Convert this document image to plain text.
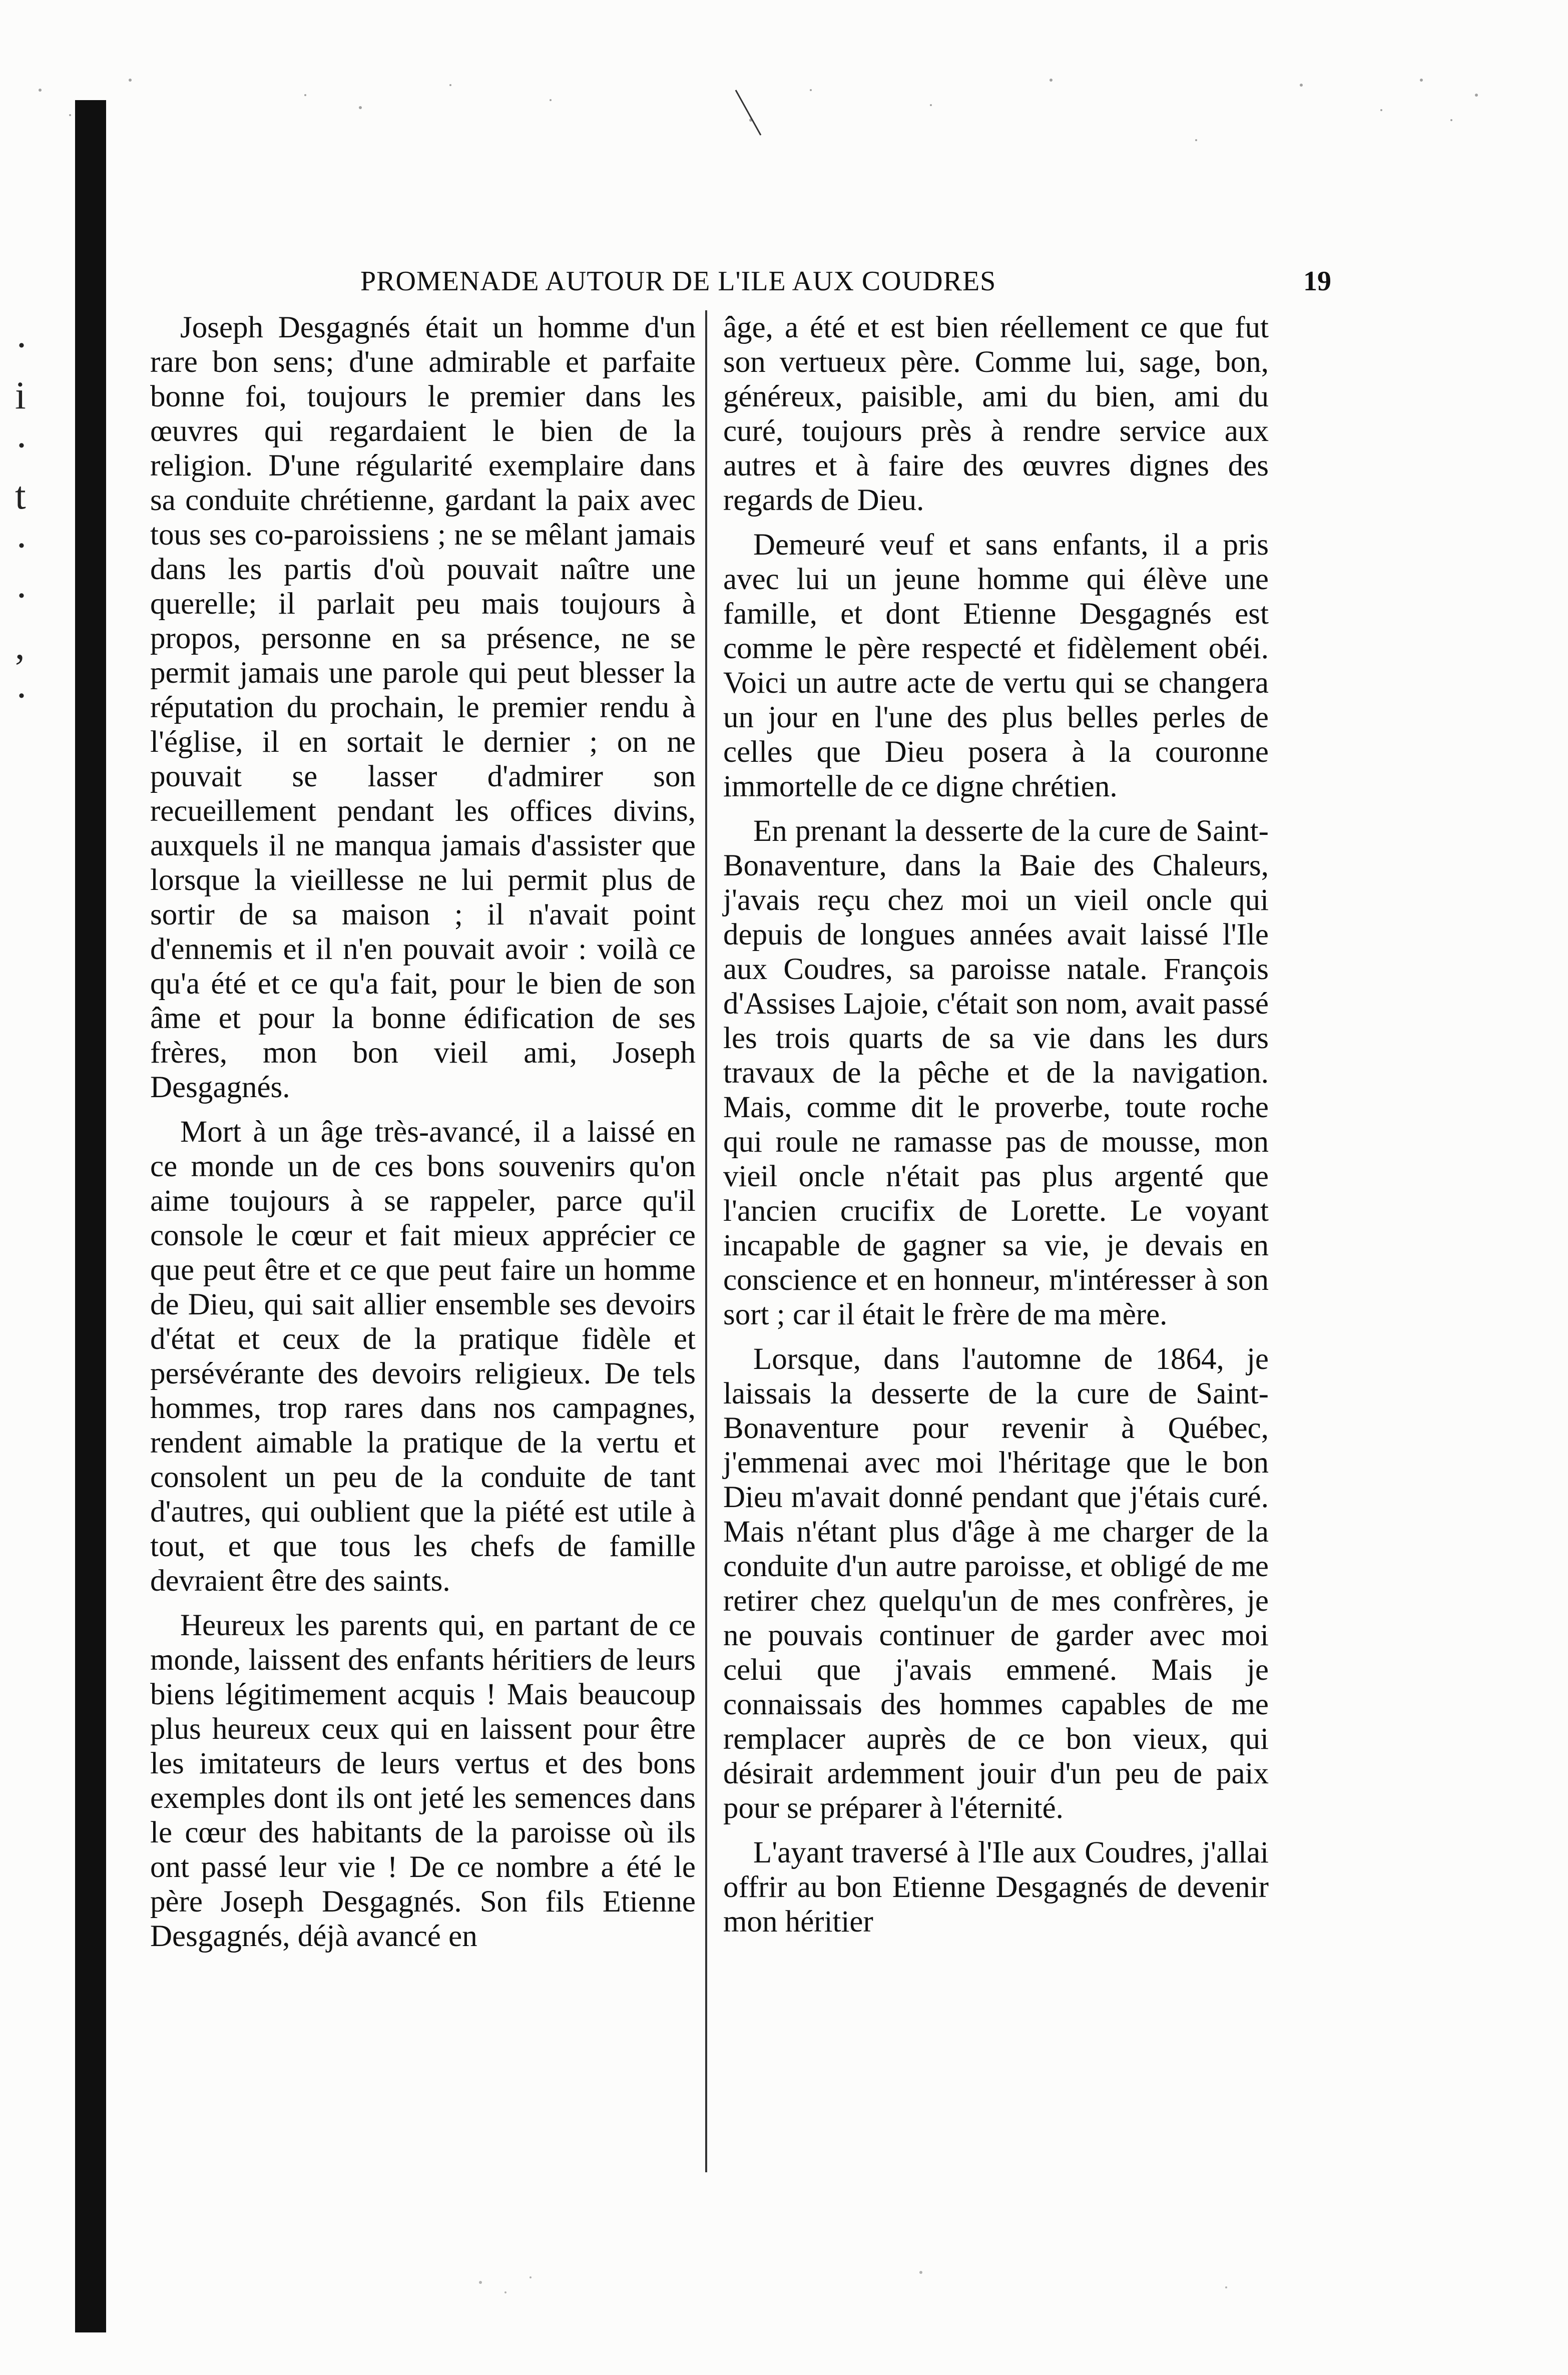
·
i
·
t
·
·
,
·
PROMENADE AUTOUR DE L'ILE AUX COUDRES	19

Joseph Desgagnés était un homme d'un rare bon sens; d'une admirable et parfaite bonne foi, toujours le premier dans les œuvres qui regardaient le bien de la religion. D'une régularité exemplaire dans sa conduite chrétienne, gardant la paix avec tous ses co-paroissiens ; ne se mêlant jamais dans les partis d'où pouvait naître une querelle; il parlait peu mais toujours à propos, personne en sa présence, ne se permit jamais une parole qui peut blesser la réputation du prochain, le premier rendu à l'église, il en sortait le dernier ; on ne pouvait se lasser d'admirer son recueillement pendant les offices divins, auxquels il ne manqua jamais d'assister que lorsque la vieillesse ne lui permit plus de sortir de sa maison ; il n'avait point d'ennemis et il n'en pouvait avoir : voilà ce qu'a été et ce qu'a fait, pour le bien de son âme et pour la bonne édification de ses frères, mon bon vieil ami, Joseph Desgagnés.

Mort à un âge très-avancé, il a laissé en ce monde un de ces bons souvenirs qu'on aime toujours à se rappeler, parce qu'il console le cœur et fait mieux apprécier ce que peut être et ce que peut faire un homme de Dieu, qui sait allier ensemble ses devoirs d'état et ceux de la pratique fidèle et persévérante des devoirs religieux. De tels hommes, trop rares dans nos campagnes, rendent aimable la pratique de la vertu et consolent un peu de la conduite de tant d'autres, qui oublient que la piété est utile à tout, et que tous les chefs de famille devraient être des saints.

Heureux les parents qui, en partant de ce monde, laissent des enfants héritiers de leurs biens légitimement acquis ! Mais beaucoup plus heureux ceux qui en laissent pour être les imitateurs de leurs vertus et des bons exemples dont ils ont jeté les semences dans le cœur des habitants de la paroisse où ils ont passé leur vie ! De ce nombre a été le père Joseph Desgagnés. Son fils Etienne Desgagnés, déjà avancé en

âge, a été et est bien réellement ce que fut son vertueux père. Comme lui, sage, bon, généreux, paisible, ami du bien, ami du curé, toujours près à rendre service aux autres et à faire des œuvres dignes des regards de Dieu.

Demeuré veuf et sans enfants, il a pris avec lui un jeune homme qui élève une famille, et dont Etienne Desgagnés est comme le père respecté et fidèlement obéi. Voici un autre acte de vertu qui se changera un jour en l'une des plus belles perles de celles que Dieu posera à la couronne immortelle de ce digne chrétien.

En prenant la desserte de la cure de Saint-Bonaventure, dans la Baie des Chaleurs, j'avais reçu chez moi un vieil oncle qui depuis de longues années avait laissé l'Ile aux Coudres, sa paroisse natale. François d'Assises Lajoie, c'était son nom, avait passé les trois quarts de sa vie dans les durs travaux de la pêche et de la navigation. Mais, comme dit le proverbe, toute roche qui roule ne ramasse pas de mousse, mon vieil oncle n'était pas plus argenté que l'ancien crucifix de Lorette. Le voyant incapable de gagner sa vie, je devais en conscience et en honneur, m'intéresser à son sort ; car il était le frère de ma mère.

Lorsque, dans l'automne de 1864, je laissais la desserte de la cure de Saint-Bonaventure pour revenir à Québec, j'emmenai avec moi l'héritage que le bon Dieu m'avait donné pendant que j'étais curé. Mais n'étant plus d'âge à me charger de la conduite d'un autre paroisse, et obligé de me retirer chez quelqu'un de mes confrères, je ne pouvais continuer de garder avec moi celui que j'avais emmené. Mais je connaissais des hommes capables de me remplacer auprès de ce bon vieux, qui désirait ardemment jouir d'un peu de paix pour se préparer à l'éternité.

L'ayant traversé à l'Ile aux Coudres, j'allai offrir au bon Etienne Desgagnés de devenir mon héritier
